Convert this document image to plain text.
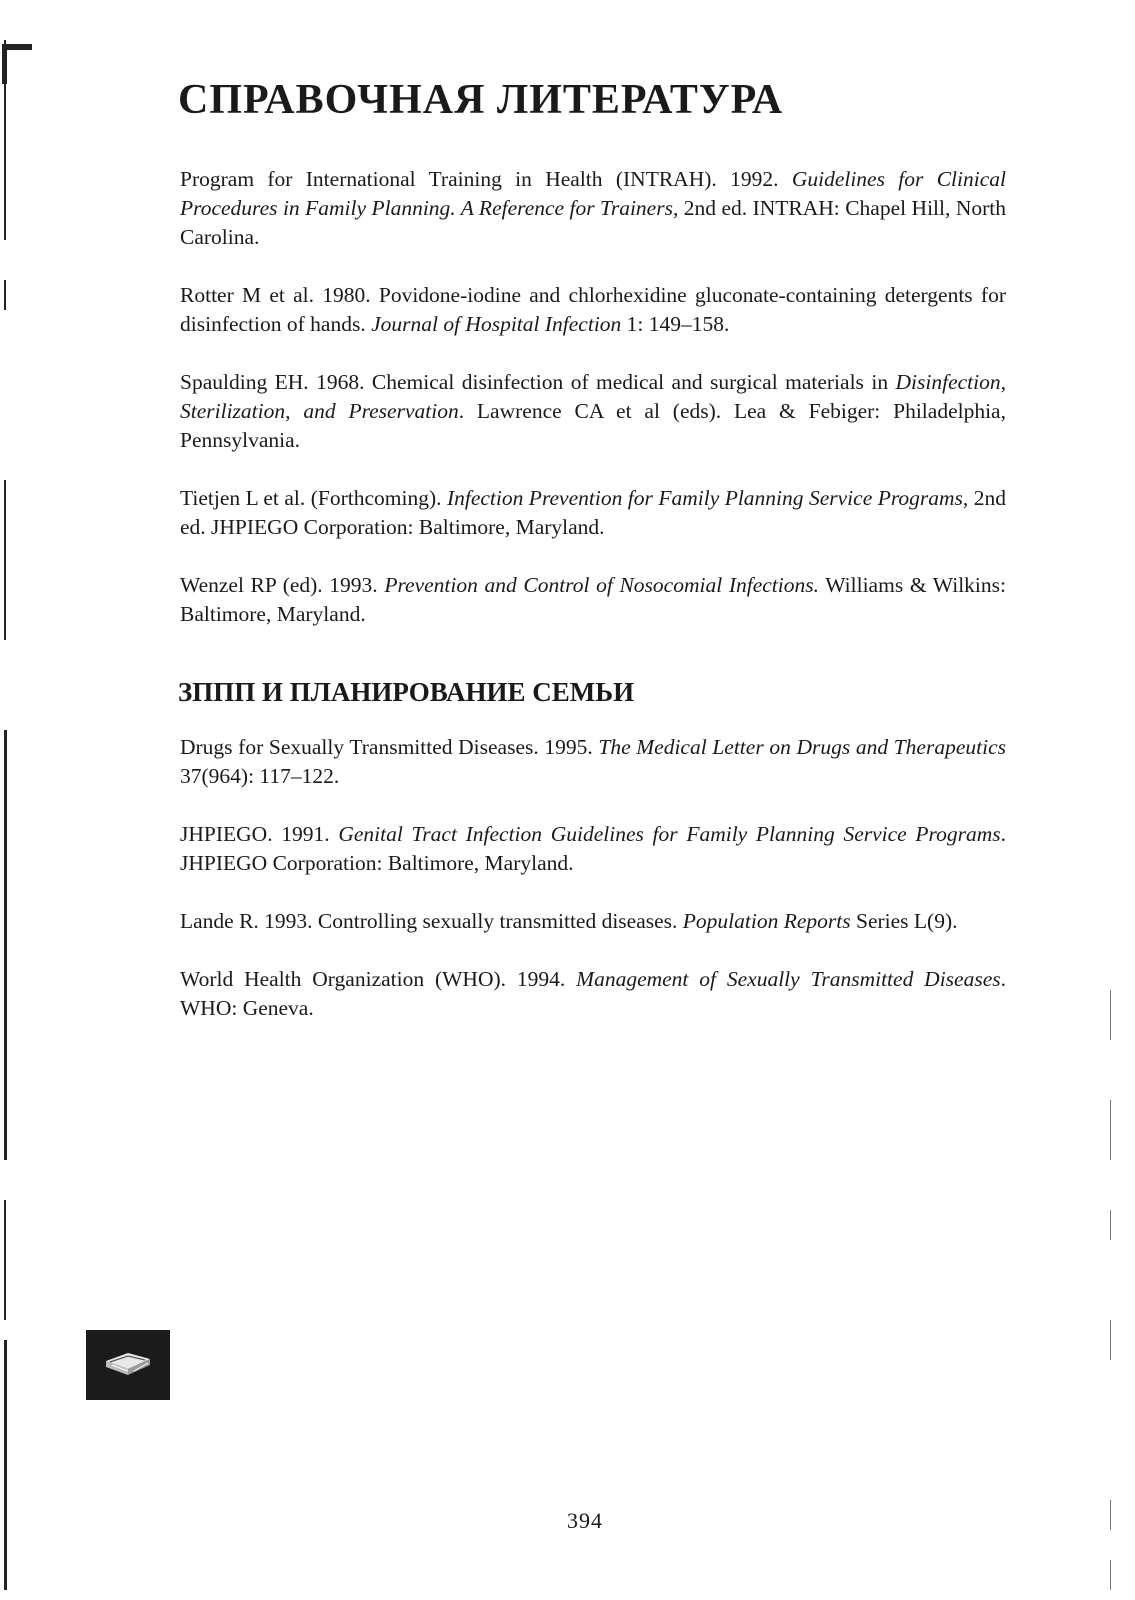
СПРАВОЧНАЯ ЛИТЕРАТУРА

Program for International Training in Health (INTRAH). 1992. Guidelines for Clinical Procedures in Family Planning. A Reference for Trainers, 2nd ed. INTRAH: Chapel Hill, North Carolina.

Rotter M et al. 1980. Povidone-iodine and chlorhexidine gluconate-containing detergents for disinfection of hands. Journal of Hospital Infection 1: 149–158.

Spaulding EH. 1968. Chemical disinfection of medical and surgical materials in Disinfection, Sterilization, and Preservation. Lawrence CA et al (eds). Lea & Febiger: Philadelphia, Pennsylvania.

Tietjen L et al. (Forthcoming). Infection Prevention for Family Planning Service Programs, 2nd ed. JHPIEGO Corporation: Baltimore, Maryland.

Wenzel RP (ed). 1993. Prevention and Control of Nosocomial Infections. Williams & Wilkins: Baltimore, Maryland.

ЗППП И ПЛАНИРОВАНИЕ СЕМЬИ

Drugs for Sexually Transmitted Diseases. 1995. The Medical Letter on Drugs and Therapeutics 37(964): 117–122.

JHPIEGO. 1991. Genital Tract Infection Guidelines for Family Planning Service Programs. JHPIEGO Corporation: Baltimore, Maryland.

Lande R. 1993. Controlling sexually transmitted diseases. Population Reports Series L(9).

World Health Organization (WHO). 1994. Management of Sexually Transmitted Diseases. WHO: Geneva.

394
